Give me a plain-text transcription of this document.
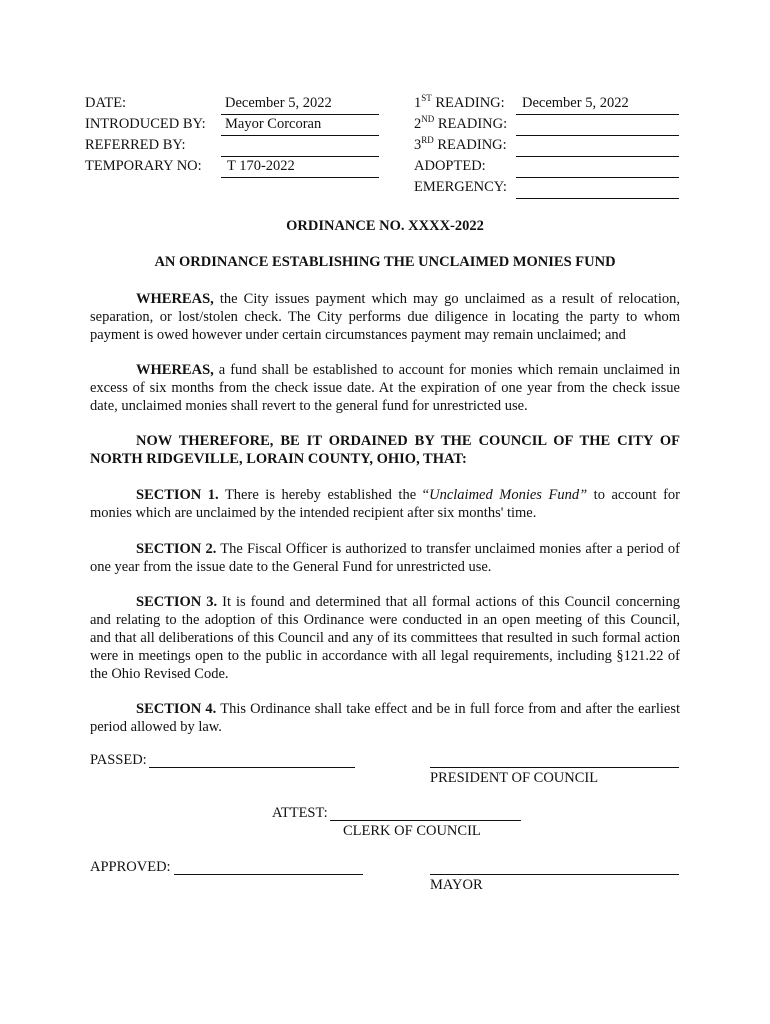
DATE:	December 5, 2022
INTRODUCED BY: Mayor Corcoran
REFERRED BY:
TEMPORARY NO: T 170-2022
1ST READING: December 5, 2022
2ND READING:
3RD READING:
ADOPTED:
EMERGENCY:
ORDINANCE NO. XXXX-2022
AN ORDINANCE ESTABLISHING THE UNCLAIMED MONIES FUND
WHEREAS, the City issues payment which may go unclaimed as a result of relocation, separation, or lost/stolen check. The City performs due diligence in locating the party to whom payment is owed however under certain circumstances payment may remain unclaimed; and
WHEREAS, a fund shall be established to account for monies which remain unclaimed in excess of six months from the check issue date. At the expiration of one year from the check issue date, unclaimed monies shall revert to the general fund for unrestricted use.
NOW THEREFORE, BE IT ORDAINED BY THE COUNCIL OF THE CITY OF NORTH RIDGEVILLE, LORAIN COUNTY, OHIO, THAT:
SECTION 1. There is hereby established the “Unclaimed Monies Fund” to account for monies which are unclaimed by the intended recipient after six months' time.
SECTION 2. The Fiscal Officer is authorized to transfer unclaimed monies after a period of one year from the issue date to the General Fund for unrestricted use.
SECTION 3. It is found and determined that all formal actions of this Council concerning and relating to the adoption of this Ordinance were conducted in an open meeting of this Council, and that all deliberations of this Council and any of its committees that resulted in such formal action were in meetings open to the public in accordance with all legal requirements, including §121.22 of the Ohio Revised Code.
SECTION 4. This Ordinance shall take effect and be in full force from and after the earliest period allowed by law.
PASSED:
PRESIDENT OF COUNCIL
ATTEST:
CLERK OF COUNCIL
APPROVED:
MAYOR
